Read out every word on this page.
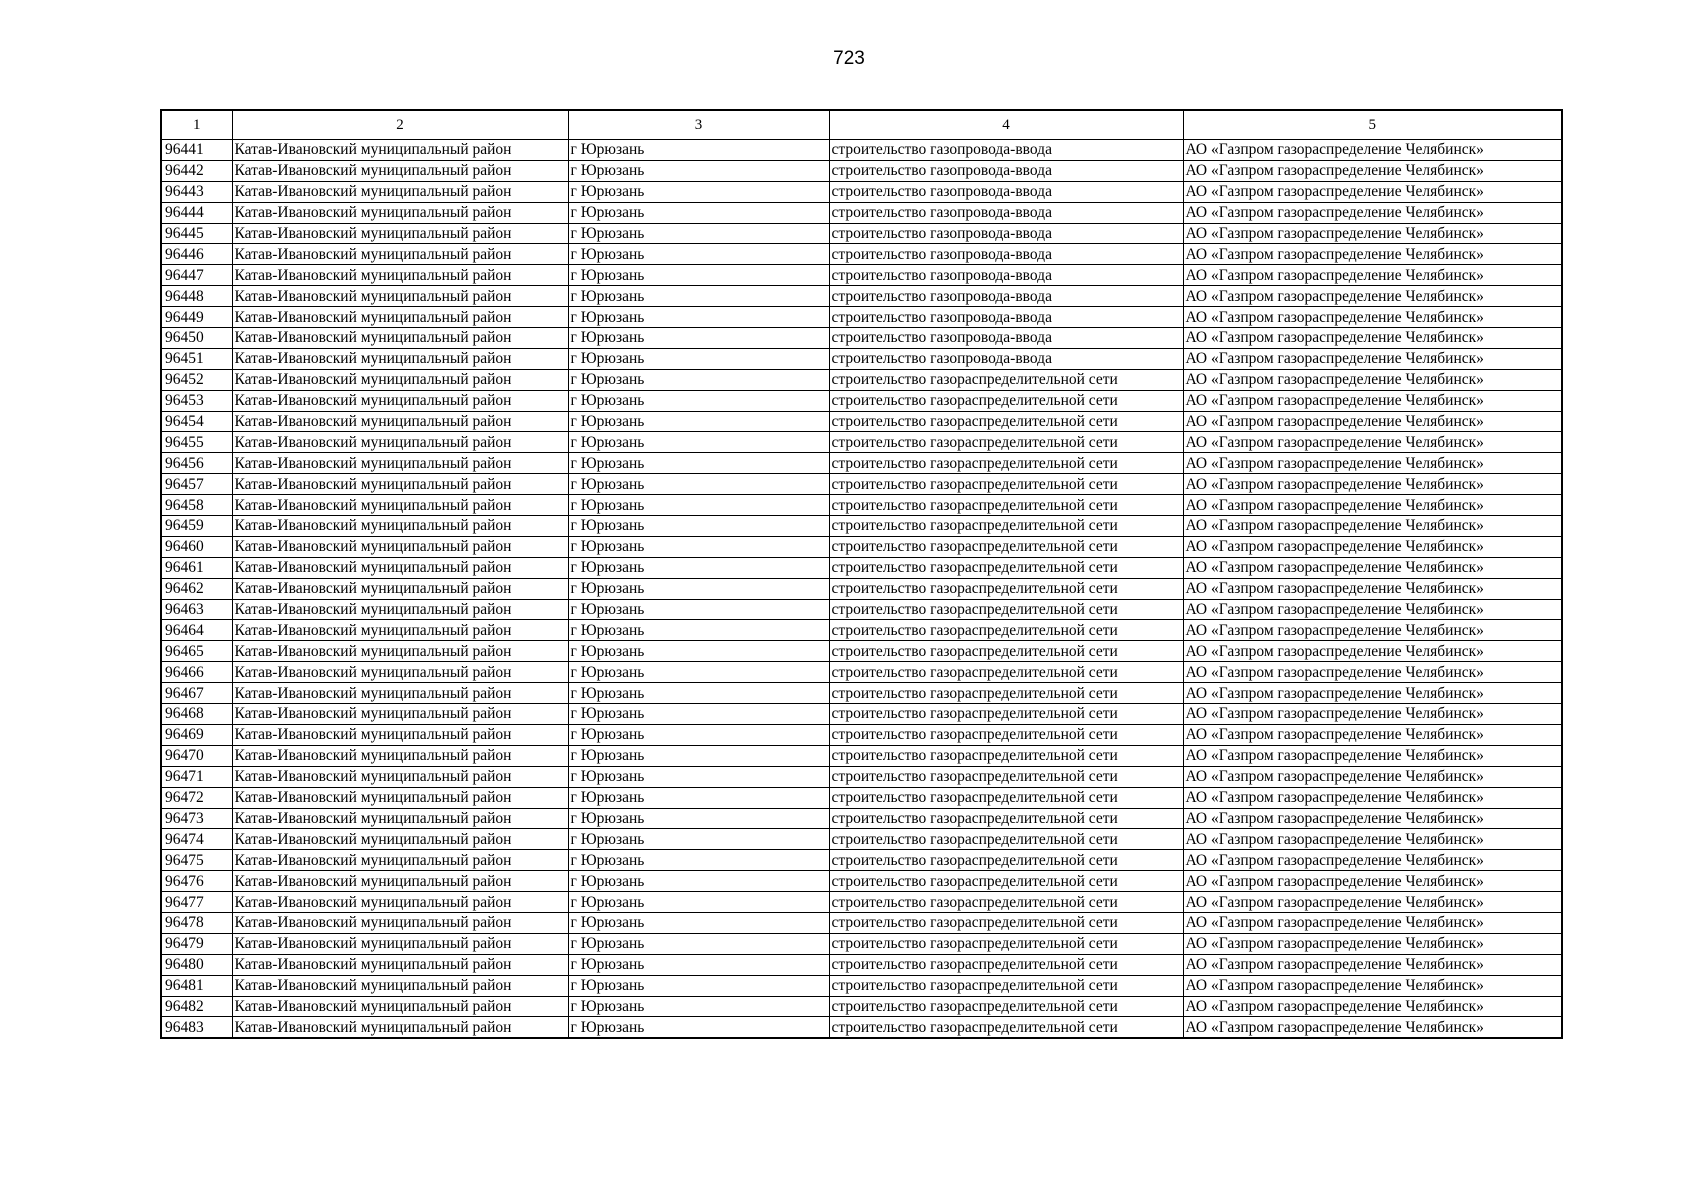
723
1	2	3	4	5
96441	Катав-Ивановский муниципальный район	г Юрюзань	строительство газопровода-ввода	АО «Газпром газораспределение Челябинск»
96442	Катав-Ивановский муниципальный район	г Юрюзань	строительство газопровода-ввода	АО «Газпром газораспределение Челябинск»
96443	Катав-Ивановский муниципальный район	г Юрюзань	строительство газопровода-ввода	АО «Газпром газораспределение Челябинск»
96444	Катав-Ивановский муниципальный район	г Юрюзань	строительство газопровода-ввода	АО «Газпром газораспределение Челябинск»
96445	Катав-Ивановский муниципальный район	г Юрюзань	строительство газопровода-ввода	АО «Газпром газораспределение Челябинск»
96446	Катав-Ивановский муниципальный район	г Юрюзань	строительство газопровода-ввода	АО «Газпром газораспределение Челябинск»
96447	Катав-Ивановский муниципальный район	г Юрюзань	строительство газопровода-ввода	АО «Газпром газораспределение Челябинск»
96448	Катав-Ивановский муниципальный район	г Юрюзань	строительство газопровода-ввода	АО «Газпром газораспределение Челябинск»
96449	Катав-Ивановский муниципальный район	г Юрюзань	строительство газопровода-ввода	АО «Газпром газораспределение Челябинск»
96450	Катав-Ивановский муниципальный район	г Юрюзань	строительство газопровода-ввода	АО «Газпром газораспределение Челябинск»
96451	Катав-Ивановский муниципальный район	г Юрюзань	строительство газопровода-ввода	АО «Газпром газораспределение Челябинск»
96452	Катав-Ивановский муниципальный район	г Юрюзань	строительство газораспределительной сети	АО «Газпром газораспределение Челябинск»
96453	Катав-Ивановский муниципальный район	г Юрюзань	строительство газораспределительной сети	АО «Газпром газораспределение Челябинск»
96454	Катав-Ивановский муниципальный район	г Юрюзань	строительство газораспределительной сети	АО «Газпром газораспределение Челябинск»
96455	Катав-Ивановский муниципальный район	г Юрюзань	строительство газораспределительной сети	АО «Газпром газораспределение Челябинск»
96456	Катав-Ивановский муниципальный район	г Юрюзань	строительство газораспределительной сети	АО «Газпром газораспределение Челябинск»
96457	Катав-Ивановский муниципальный район	г Юрюзань	строительство газораспределительной сети	АО «Газпром газораспределение Челябинск»
96458	Катав-Ивановский муниципальный район	г Юрюзань	строительство газораспределительной сети	АО «Газпром газораспределение Челябинск»
96459	Катав-Ивановский муниципальный район	г Юрюзань	строительство газораспределительной сети	АО «Газпром газораспределение Челябинск»
96460	Катав-Ивановский муниципальный район	г Юрюзань	строительство газораспределительной сети	АО «Газпром газораспределение Челябинск»
96461	Катав-Ивановский муниципальный район	г Юрюзань	строительство газораспределительной сети	АО «Газпром газораспределение Челябинск»
96462	Катав-Ивановский муниципальный район	г Юрюзань	строительство газораспределительной сети	АО «Газпром газораспределение Челябинск»
96463	Катав-Ивановский муниципальный район	г Юрюзань	строительство газораспределительной сети	АО «Газпром газораспределение Челябинск»
96464	Катав-Ивановский муниципальный район	г Юрюзань	строительство газораспределительной сети	АО «Газпром газораспределение Челябинск»
96465	Катав-Ивановский муниципальный район	г Юрюзань	строительство газораспределительной сети	АО «Газпром газораспределение Челябинск»
96466	Катав-Ивановский муниципальный район	г Юрюзань	строительство газораспределительной сети	АО «Газпром газораспределение Челябинск»
96467	Катав-Ивановский муниципальный район	г Юрюзань	строительство газораспределительной сети	АО «Газпром газораспределение Челябинск»
96468	Катав-Ивановский муниципальный район	г Юрюзань	строительство газораспределительной сети	АО «Газпром газораспределение Челябинск»
96469	Катав-Ивановский муниципальный район	г Юрюзань	строительство газораспределительной сети	АО «Газпром газораспределение Челябинск»
96470	Катав-Ивановский муниципальный район	г Юрюзань	строительство газораспределительной сети	АО «Газпром газораспределение Челябинск»
96471	Катав-Ивановский муниципальный район	г Юрюзань	строительство газораспределительной сети	АО «Газпром газораспределение Челябинск»
96472	Катав-Ивановский муниципальный район	г Юрюзань	строительство газораспределительной сети	АО «Газпром газораспределение Челябинск»
96473	Катав-Ивановский муниципальный район	г Юрюзань	строительство газораспределительной сети	АО «Газпром газораспределение Челябинск»
96474	Катав-Ивановский муниципальный район	г Юрюзань	строительство газораспределительной сети	АО «Газпром газораспределение Челябинск»
96475	Катав-Ивановский муниципальный район	г Юрюзань	строительство газораспределительной сети	АО «Газпром газораспределение Челябинск»
96476	Катав-Ивановский муниципальный район	г Юрюзань	строительство газораспределительной сети	АО «Газпром газораспределение Челябинск»
96477	Катав-Ивановский муниципальный район	г Юрюзань	строительство газораспределительной сети	АО «Газпром газораспределение Челябинск»
96478	Катав-Ивановский муниципальный район	г Юрюзань	строительство газораспределительной сети	АО «Газпром газораспределение Челябинск»
96479	Катав-Ивановский муниципальный район	г Юрюзань	строительство газораспределительной сети	АО «Газпром газораспределение Челябинск»
96480	Катав-Ивановский муниципальный район	г Юрюзань	строительство газораспределительной сети	АО «Газпром газораспределение Челябинск»
96481	Катав-Ивановский муниципальный район	г Юрюзань	строительство газораспределительной сети	АО «Газпром газораспределение Челябинск»
96482	Катав-Ивановский муниципальный район	г Юрюзань	строительство газораспределительной сети	АО «Газпром газораспределение Челябинск»
96483	Катав-Ивановский муниципальный район	г Юрюзань	строительство газораспределительной сети	АО «Газпром газораспределение Челябинск»
